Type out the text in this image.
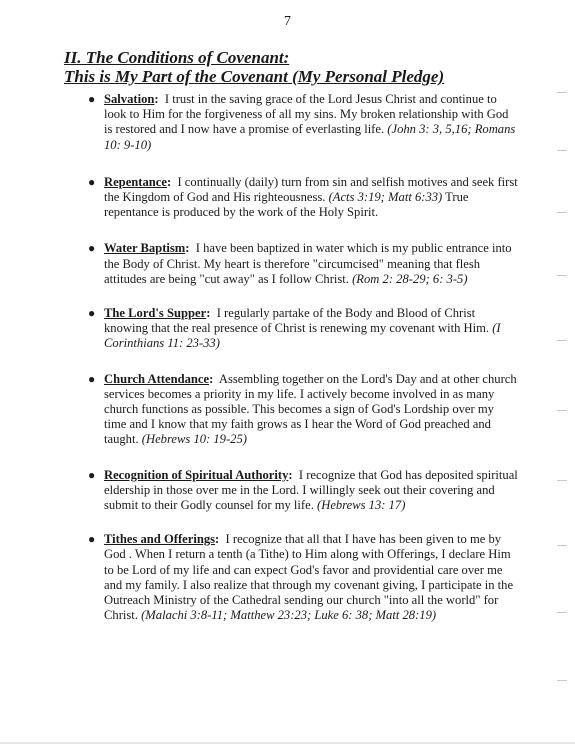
7
II. The Conditions of Covenant:
This is My Part of the Covenant (My Personal Pledge)
● Salvation: I trust in the saving grace of the Lord Jesus Christ and continue to look to Him for the forgiveness of all my sins. My broken relationship with God is restored and I now have a promise of everlasting life. (John 3: 3, 5,16; Romans 10: 9-10)
● Repentance: I continually (daily) turn from sin and selfish motives and seek first the Kingdom of God and His righteousness. (Acts 3:19; Matt 6:33) True repentance is produced by the work of the Holy Spirit.
● Water Baptism: I have been baptized in water which is my public entrance into the Body of Christ. My heart is therefore "circumcised" meaning that flesh attitudes are being "cut away" as I follow Christ. (Rom 2: 28-29; 6: 3-5)
● The Lord's Supper: I regularly partake of the Body and Blood of Christ knowing that the real presence of Christ is renewing my covenant with Him. (I Corinthians 11: 23-33)
● Church Attendance: Assembling together on the Lord's Day and at other church services becomes a priority in my life. I actively become involved in as many church functions as possible. This becomes a sign of God's Lordship over my time and I know that my faith grows as I hear the Word of God preached and taught. (Hebrews 10: 19-25)
● Recognition of Spiritual Authority: I recognize that God has deposited spiritual eldership in those over me in the Lord. I willingly seek out their covering and submit to their Godly counsel for my life. (Hebrews 13: 17)
● Tithes and Offerings: I recognize that all that I have has been given to me by God . When I return a tenth (a Tithe) to Him along with Offerings, I declare Him to be Lord of my life and can expect God's favor and providential care over me and my family. I also realize that through my covenant giving, I participate in the Outreach Ministry of the Cathedral sending our church "into all the world" for Christ. (Malachi 3:8-11; Matthew 23:23; Luke 6: 38; Matt 28:19)
